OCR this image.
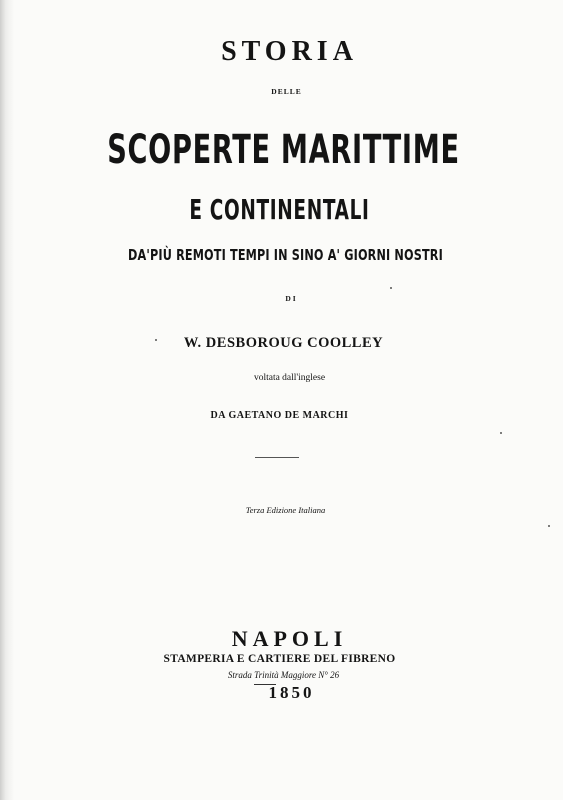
STORIA
DELLE
SCOPERTE MARITTIME
E CONTINENTALI
DA'PIÙ REMOTI TEMPI IN SINO A' GIORNI NOSTRI
DI
W. DESBOROUG COOLLEY
voltata dall'inglese
DA GAETANO DE MARCHI
Terza Edizione Italiana
NAPOLI
STAMPERIA E CARTIERE DEL FIBRENO
Strada Trinità Maggiore N° 26
1850
